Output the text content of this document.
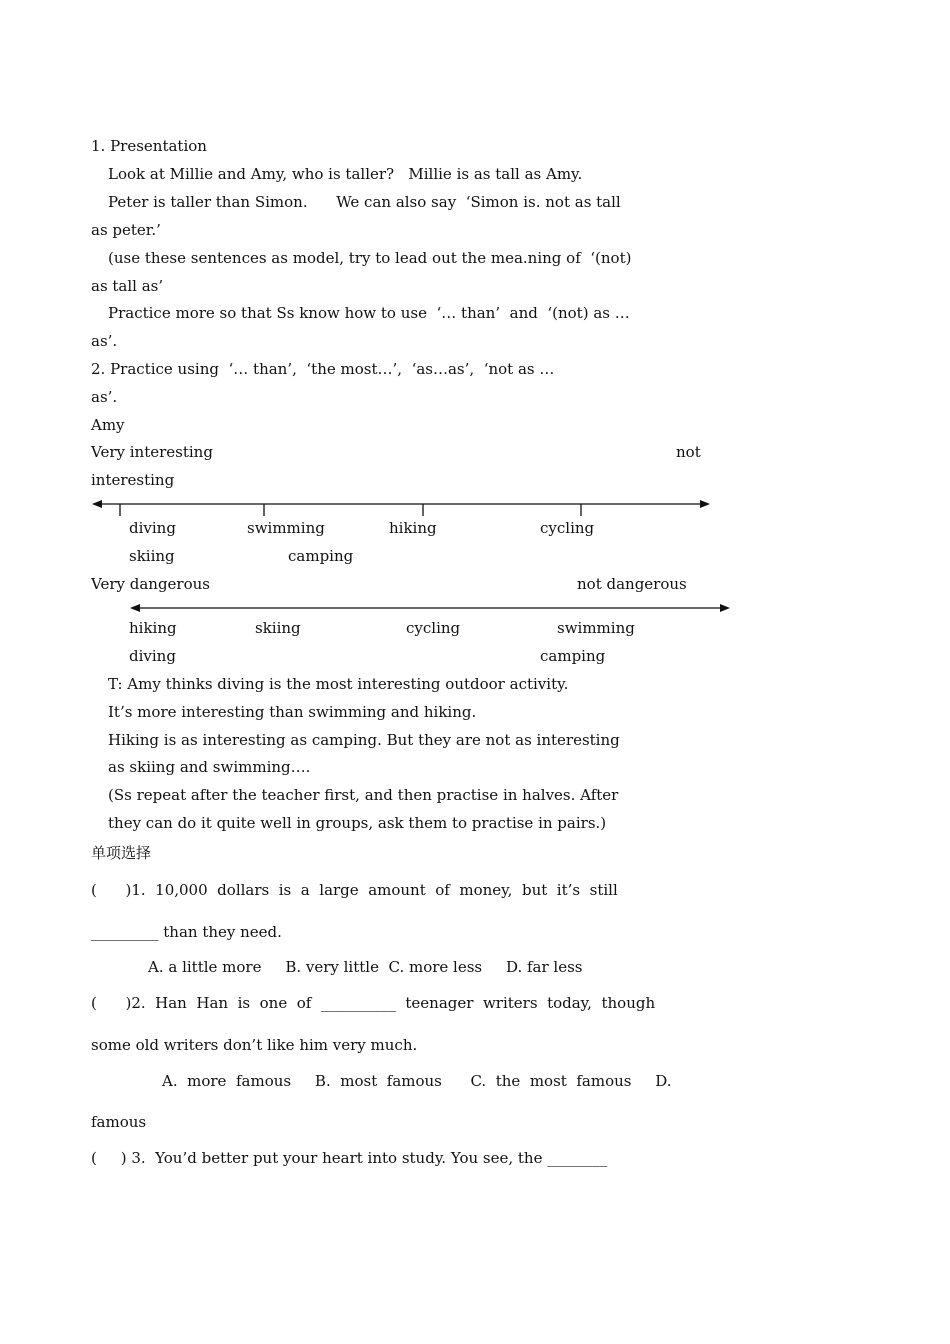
1. Presentation
Look at Millie and Amy, who is taller?   Millie is as tall as Amy.
Peter is taller than Simon.      We can also say  ‘Simon is. not as tall
as peter.’
(use these sentences as model, try to lead out the mea.ning of  ‘(not)
as tall as’
Practice more so that Ss know how to use  ‘… than’  and  ‘(not) as …
as’.
2. Practice using  ‘… than’,  ‘the most…’,  ‘as…as’,  ‘not as …
as’.
Amy
Very interesting	not
interesting
diving	swimming	hiking	cycling
skiing	camping
Very dangerous	not dangerous
hiking	skiing	cycling	swimming
diving	camping
T: Amy thinks diving is the most interesting outdoor activity.
It’s more interesting than swimming and hiking.
Hiking is as interesting as camping. But they are not as interesting
as skiing and swimming….
(Ss repeat after the teacher first, and then practise in halves. After
they can do it quite well in groups, ask them to practise in pairs.)
单项选择
(      )1.  10,000  dollars  is  a  large  amount  of  money,  but  it’s  still
_________ than they need.
A. a little more     B. very little  C. more less     D. far less
(      )2.  Han  Han  is  one  of  __________  teenager  writers  today,  though
some old writers don’t like him very much.
A.  more  famous     B.  most  famous      C.  the  most  famous     D.
famous
(     ) 3.  You’d better put your heart into study. You see, the ________
